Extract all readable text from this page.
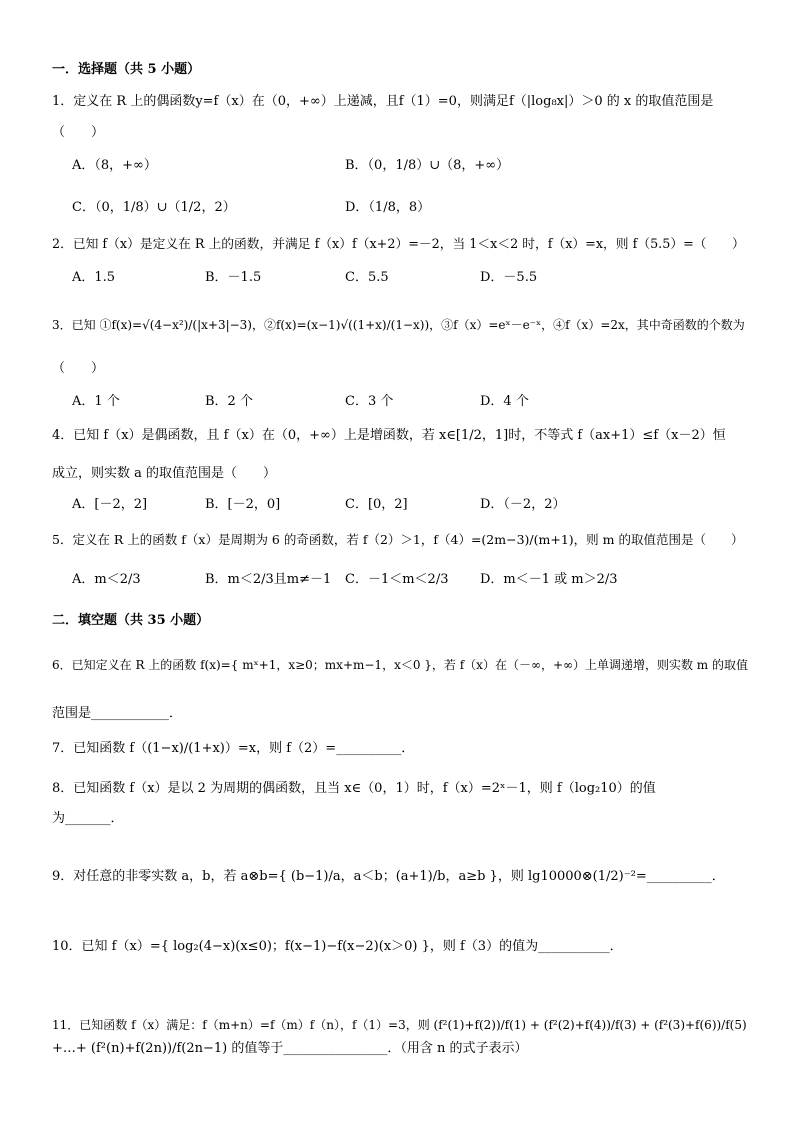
一．选择题（共 5 小题）
1．定义在 R 上的偶函数y=f（x）在（0，+∞）上递减，且f（1）=0，则满足f（|log₈x|）＞0 的 x 的取值范围是
（　　）
A．（8，+∞）	B．（0，1/8）∪（8，+∞）
C．（0，1/8）∪（1/2，2）	D．（1/8，8）
2．已知 f（x）是定义在 R 上的函数，并满足 f（x）f（x+2）=－2，当 1＜x＜2 时，f（x）=x，则 f（5.5）=（　　）
A．1.5	B．－1.5	C．5.5	D．－5.5
3．已知 ①f(x)=√(4−x²)/(|x+3|−3)，②f(x)=(x−1)√((1+x)/(1−x))，③f（x）=eˣ－e⁻ˣ，④f（x）=2x，其中奇函数的个数为
（　　）
A．1 个	B．2 个	C．3 个	D．4 个
4．已知 f（x）是偶函数，且 f（x）在（0，+∞）上是增函数，若 x∈[1/2，1]时，不等式 f（ax+1）≤f（x－2）恒
成立，则实数 a 的取值范围是（　　）
A．[－2，2]	B．[－2，0]	C．[0，2]	D．（－2，2）
5．定义在 R 上的函数 f（x）是周期为 6 的奇函数，若 f（2）＞1，f（4）=(2m−3)/(m+1)，则 m 的取值范围是（　　）
A．m＜2/3	B．m＜2/3且m≠－1 C．－1＜m＜2/3 D．m＜－1 或 m＞2/3
二．填空题（共 35 小题）
6．已知定义在 R 上的函数 f(x)={ mˣ+1，x≥0；mx+m−1，x＜0 }，若 f（x）在（－∞，+∞）上单调递增，则实数 m 的取值
范围是____________．
7．已知函数 f（(1−x)/(1+x)）=x，则 f（2）=__________．
8．已知函数 f（x）是以 2 为周期的偶函数，且当 x∈（0，1）时，f（x）=2ˣ－1，则 f（log₂10）的值
为_______．
9．对任意的非零实数 a，b，若 a⊗b={ (b−1)/a，a＜b；(a+1)/b，a≥b }，则 lg10000⊗(1/2)⁻²=__________．
10．已知 f（x）={ log₂(4−x)(x≤0)；f(x−1)−f(x−2)(x＞0) }，则 f（3）的值为___________．
11．已知函数 f（x）满足：f（m+n）=f（m）f（n），f（1）=3，则 (f²(1)+f(2))/f(1) + (f²(2)+f(4))/f(3) + (f²(3)+f(6))/f(5)
+…+ (f²(n)+f(2n))/f(2n−1) 的值等于________________．（用含 n 的式子表示）
